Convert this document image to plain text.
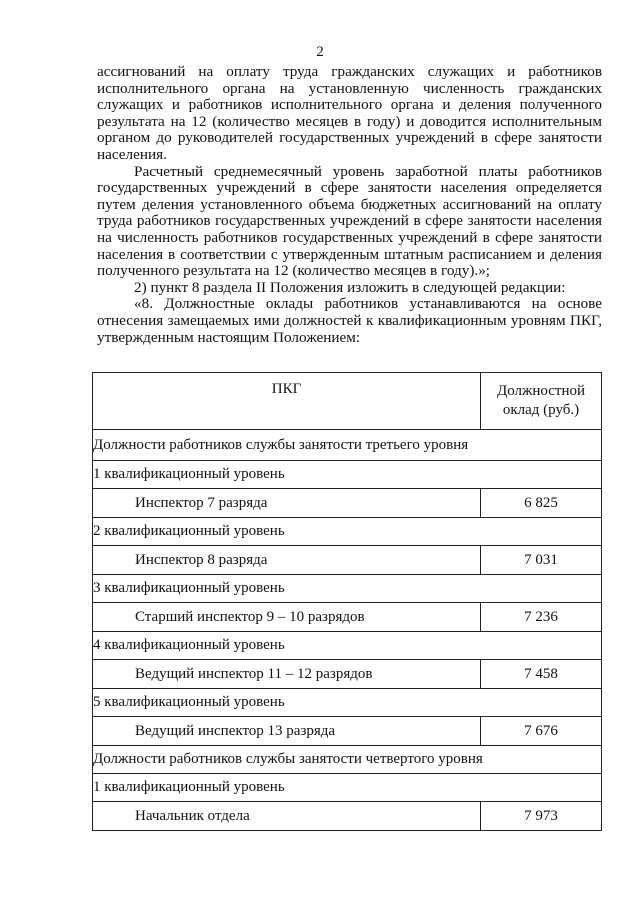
2

ассигнований на оплату труда гражданских служащих и работников исполнительного органа на установленную численность гражданских служащих и работников исполнительного органа и деления полученного результата на 12 (количество месяцев в году) и доводится исполнительным органом до руководителей государственных учреждений в сфере занятости населения.

Расчетный среднемесячный уровень заработной платы работников государственных учреждений в сфере занятости населения определяется путем деления установленного объема бюджетных ассигнований на оплату труда работников государственных учреждений в сфере занятости населения на численность работников государственных учреждений в сфере занятости населения в соответствии с утвержденным штатным расписанием и деления полученного результата на 12 (количество месяцев в году).»;

2) пункт 8 раздела II Положения изложить в следующей редакции:

«8. Должностные оклады работников устанавливаются на основе отнесения замещаемых ими должностей к квалификационным уровням ПКГ, утвержденным настоящим Положением:

ПКГ	Должностной
оклад (руб.)
Должности работников службы занятости третьего уровня	
1 квалификационный уровень	
Инспектор 7 разряда	6 825
2 квалификационный уровень	
Инспектор 8 разряда	7 031
3 квалификационный уровень	
Старший инспектор 9 – 10 разрядов	7 236
4 квалификационный уровень	
Ведущий инспектор 11 – 12 разрядов	7 458
5 квалификационный уровень	
Ведущий инспектор 13 разряда	7 676
Должности работников службы занятости четвертого уровня	
1 квалификационный уровень	
Начальник отдела	7 973
